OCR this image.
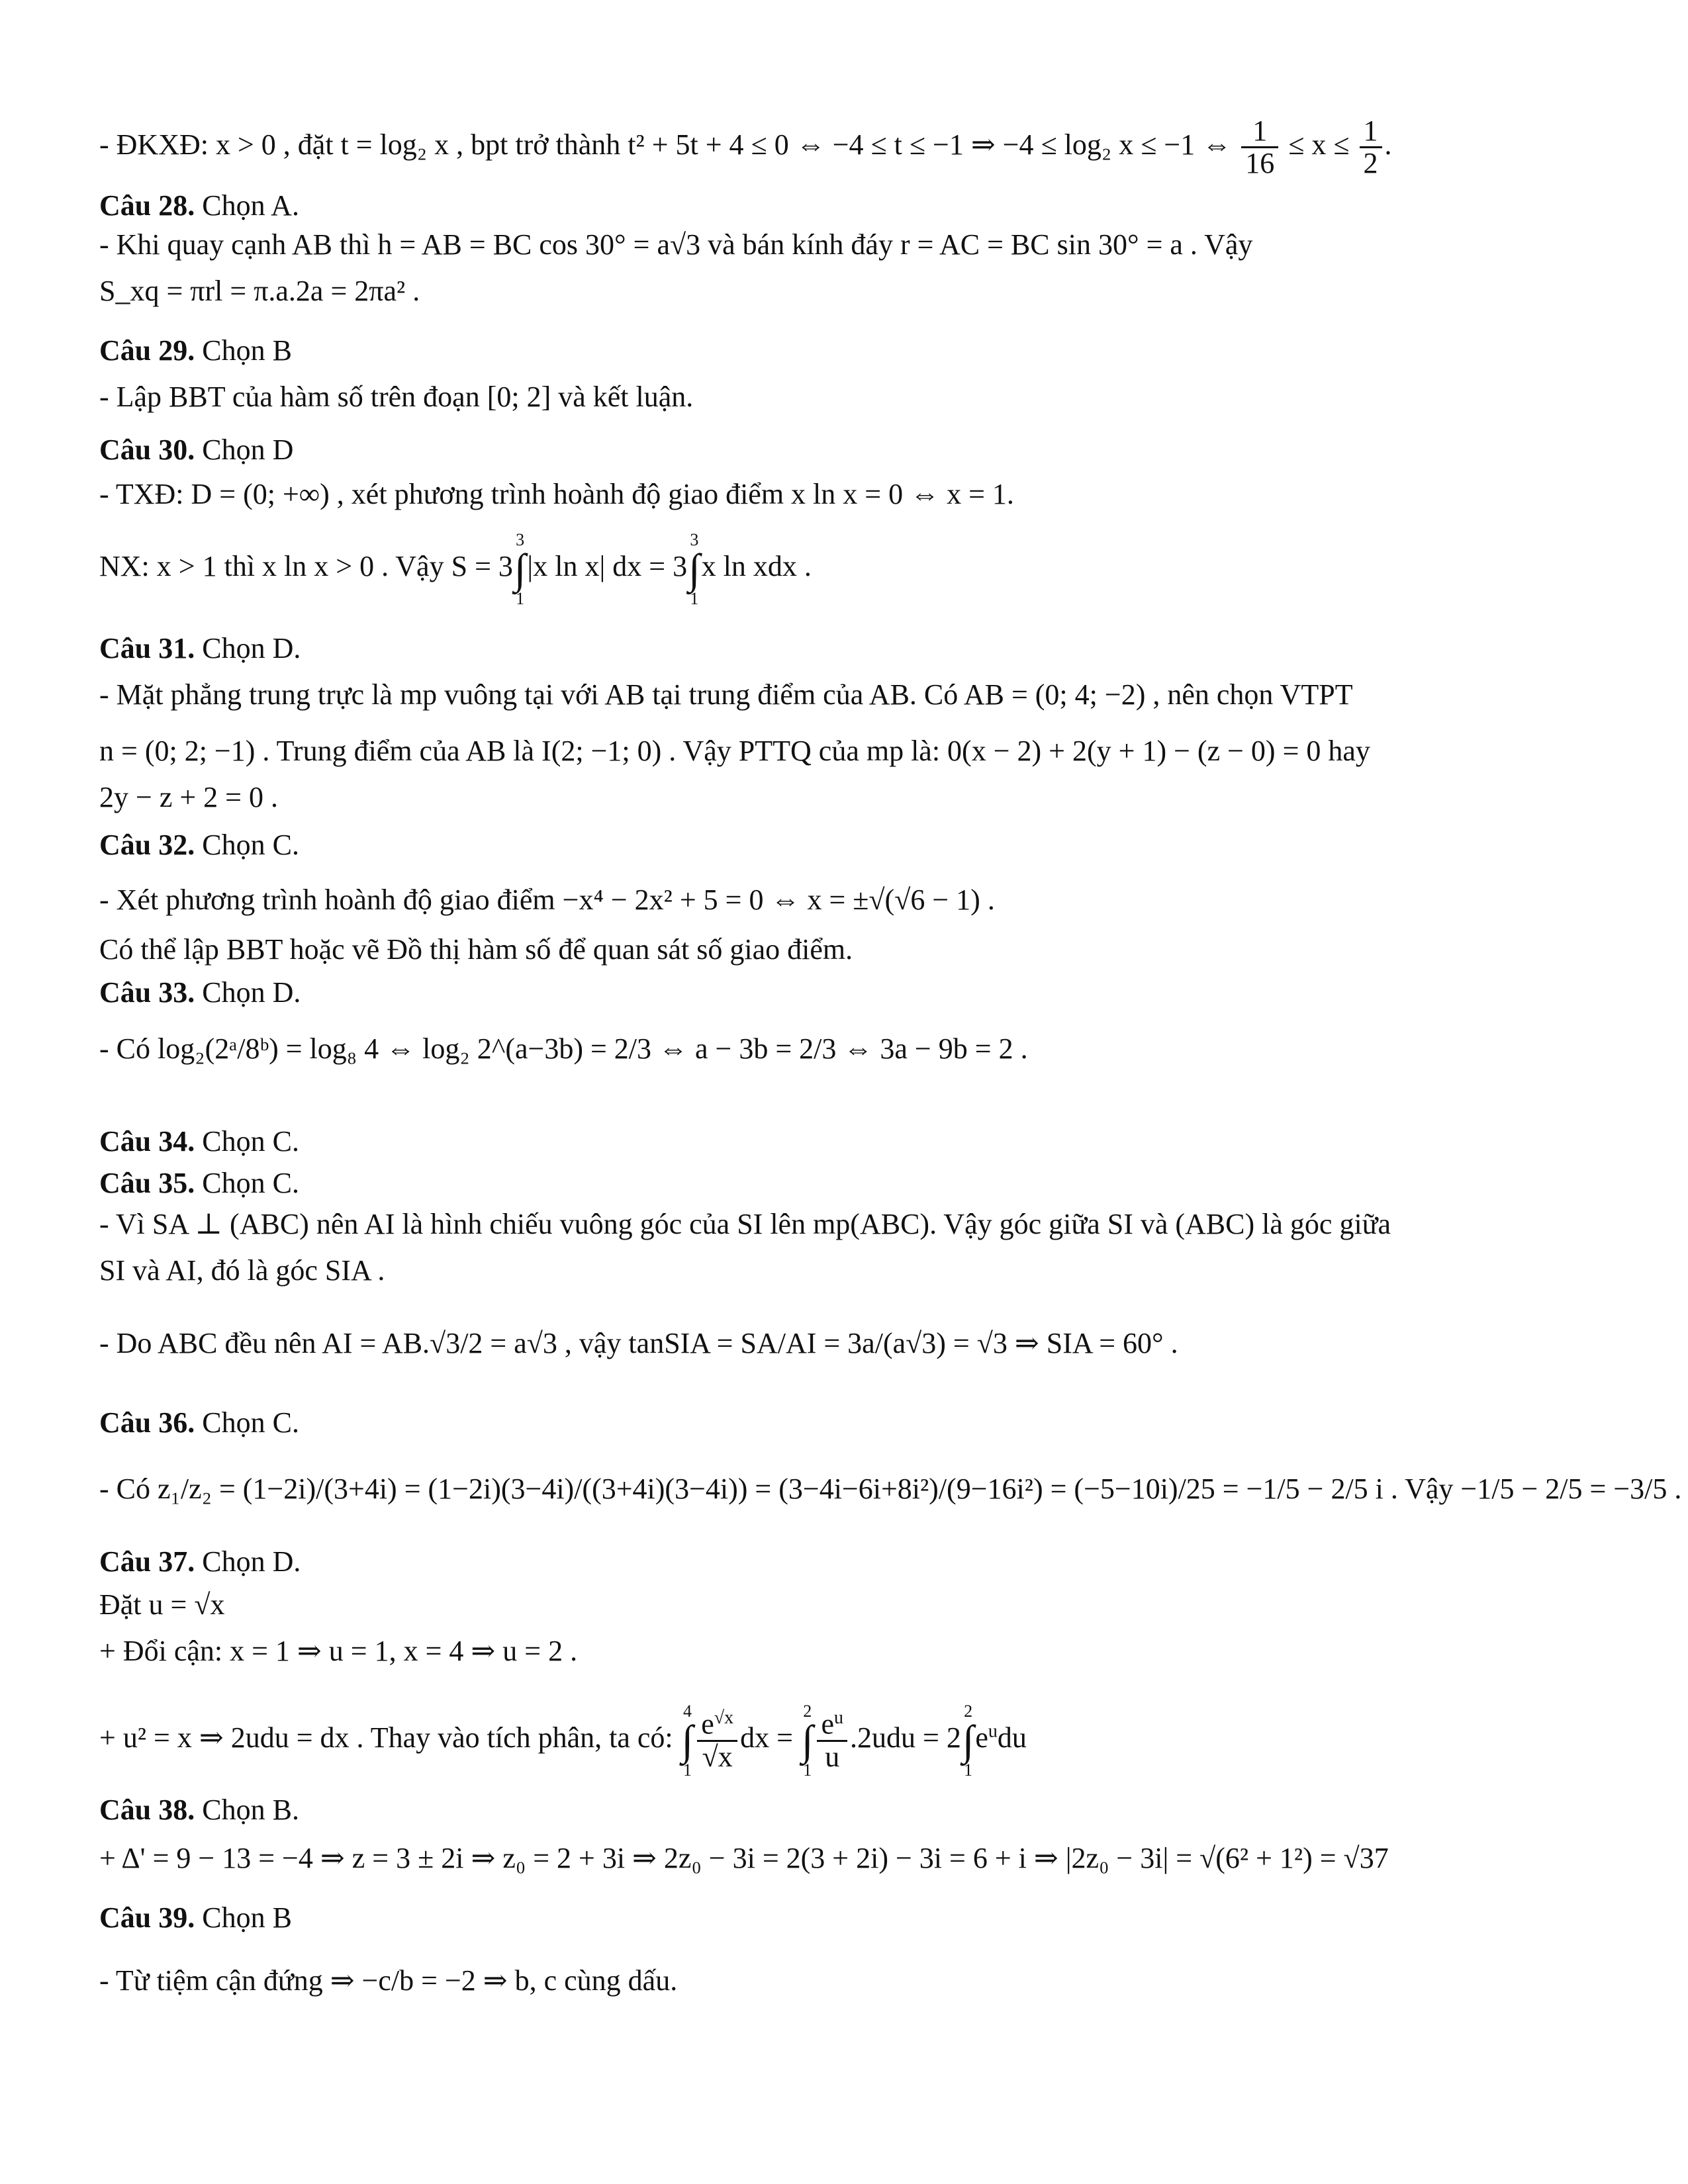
- ĐKXĐ: x > 0 , đặt t = log₂ x , bpt trở thành t² + 5t + 4 ≤ 0 ⇔ −4 ≤ t ≤ −1 ⇒ −4 ≤ log₂ x ≤ −1 ⇔ $\frac{1}{16} \le x \le \frac{1}{2}$ .
Câu 28. Chọn A.
- Khi quay cạnh AB thì h = AB = BC cos 30° = a√3 và bán kính đáy r = AC = BC sin 30° = a . Vậy
S_xq = πrl = π.a.2a = 2πa² .
Câu 29. Chọn B
- Lập BBT của hàm số trên đoạn [0; 2] và kết luận.
Câu 30. Chọn D
- TXĐ: D = (0; +∞) , xét phương trình hoành độ giao điểm x ln x = 0 ⇔ x = 1.
NX: x > 1 thì x ln x > 0 . Vậy S = 33
∫
1|x ln x| dx = 33
∫
1x ln xdx .
Câu 31. Chọn D.
- Mặt phẳng trung trực là mp vuông tại với AB tại trung điểm của AB. Có AB = (0; 4; −2) , nên chọn VTPT
n = (0; 2; −1) . Trung điểm của AB là I(2; −1; 0) . Vậy PTTQ của mp là: 0(x − 2) + 2(y + 1) − (z − 0) = 0 hay
2y − z + 2 = 0 .
Câu 32. Chọn C.
- Xét phương trình hoành độ giao điểm −x⁴ − 2x² + 5 = 0 ⇔ x = ±√(√6 − 1) .
Có thể lập BBT hoặc vẽ Đồ thị hàm số để quan sát số giao điểm.
Câu 33. Chọn D.
- Có log₂(2ᵃ/8ᵇ) = log₈ 4 ⇔ log₂ 2^(a−3b) = 2/3 ⇔ a − 3b = 2/3 ⇔ 3a − 9b = 2 .
Câu 34. Chọn C.
Câu 35. Chọn C.
- Vì SA ⊥ (ABC) nên AI là hình chiếu vuông góc của SI lên mp(ABC). Vậy góc giữa SI và (ABC) là góc giữa
SI và AI, đó là góc SIA .
- Do ABC đều nên AI = AB.√3/2 = a√3 , vậy tanSIA = SA/AI = 3a/(a√3) = √3 ⇒ SIA = 60° .
Câu 36. Chọn C.
- Có z₁/z₂ = (1−2i)/(3+4i) = (1−2i)(3−4i)/((3+4i)(3−4i)) = (3−4i−6i+8i²)/(9−16i²) = (−5−10i)/25 = −1/5 − 2/5 i . Vậy −1/5 − 2/5 = −3/5 .
Câu 37. Chọn D.
Đặt u = √x
+ Đổi cận: x = 1 ⇒ u = 1, x = 4 ⇒ u = 2 .
+ u² = x ⇒ 2udu = dx . Thay vào tích phân, ta có: 4
∫
$1 \frac{e^{√x}}{√x}$ dx = 2
∫
$1 \frac{e^u}{u} .2udu = 22$
∫
$1e^udu$
Câu 38. Chọn B.
+ Δ' = 9 − 13 = −4 ⇒ z = 3 ± 2i ⇒ z₀ = 2 + 3i ⇒ 2z₀ − 3i = 2(3 + 2i) − 3i = 6 + i ⇒ |2z₀ − 3i| = √(6² + 1²) = √37
Câu 39. Chọn B
- Từ tiệm cận đứng ⇒ −c/b = −2 ⇒ b, c cùng dấu.
